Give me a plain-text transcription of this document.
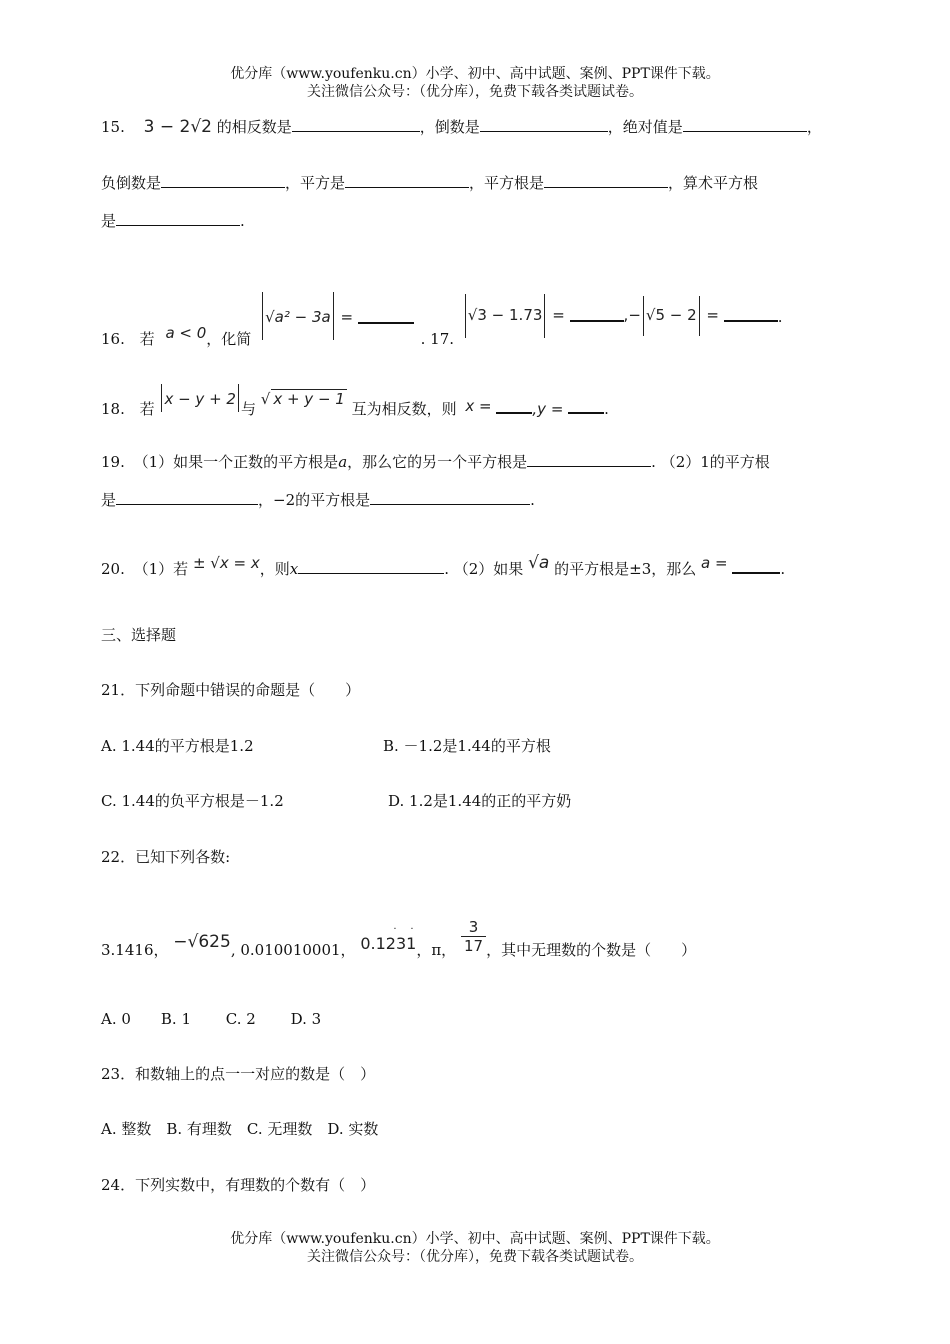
优分库（www.youfenku.cn）小学、初中、高中试题、案例、PPT课件下载。
关注微信公众号：（优分库），免费下载各类试题试卷。
15. 3 − 2√2 的相反数是	，倒数是	，绝对值是	，
负倒数是	，平方是	，平方根是	，算术平方根
是	.
16. 若 a < 0，化简 √a² − 3a =  . 17. √3 − 1.73 =	,− √5 − 2 =	.
18. 若 x − y + 2与 √ x + y − 1 互为相反数，则 x =	,y =	.
19. （1）如果一个正数的平方根是a，那么它的另一个平方根是	. （2）1的平方根
是	，−2的平方根是	.
20. （1）若 ± √x = x，则x	. （2）如果 √a 的平方根是±3，那么 a =	.
三、选择题
21．下列命题中错误的命题是（　　）
A. 1.44的平方根是1.2	B. －1.2是1.44的平方根
C. 1.44的负平方根是－1.2	D. 1.2是1.44的正的平方奶
22．已知下列各数:
3.1416， −√625, 0.010010001， 0.1231
· ·
，π， $\frac{3}{17}$ ，其中无理数的个数是（　　）
A. 0　　B. 1　　 C. 2　　 D. 3
23．和数轴上的点一一对应的数是（　）
A. 整数　B. 有理数　C. 无理数　D. 实数
24．下列实数中，有理数的个数有（　）
优分库（www.youfenku.cn）小学、初中、高中试题、案例、PPT课件下载。
关注微信公众号：（优分库），免费下载各类试题试卷。
